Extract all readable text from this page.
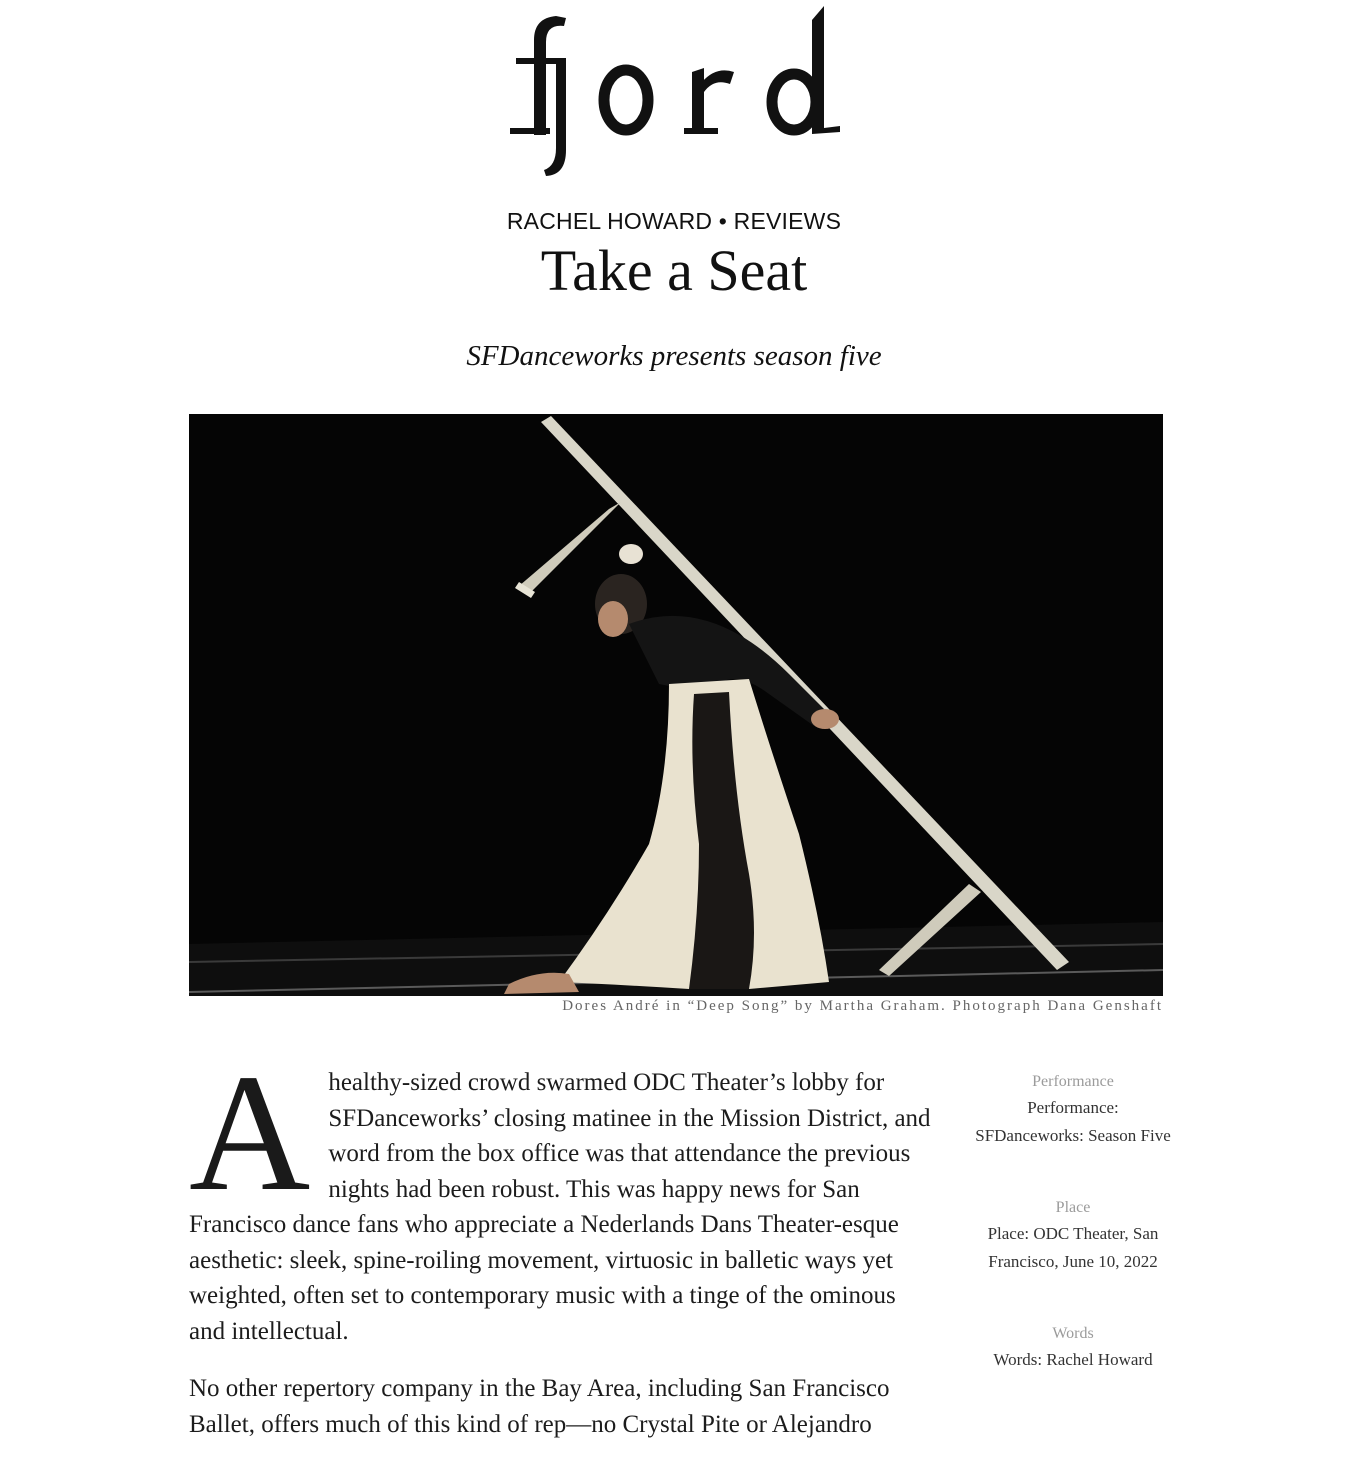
RACHEL HOWARD • REVIEWS
Take a Seat
SFDanceworks presents season five
Dores André in “Deep Song” by Martha Graham. Photograph Dana Genshaft

A healthy-sized crowd swarmed ODC Theater’s lobby for SFDanceworks’ closing matinee in the Mission District, and word from the box office was that attendance the previous nights had been robust. This was happy news for San Francisco dance fans who appreciate a Nederlands Dans Theater-esque aesthetic: sleek, spine-roiling movement, virtuosic in balletic ways yet weighted, often set to contemporary music with a tinge of the ominous and intellectual.

No other repertory company in the Bay Area, including San Francisco Ballet, offers much of this kind of rep—no Crystal Pite or Alejandro

Performance
Performance: SFDanceworks: Season Five
Place
Place: ODC Theater, San Francisco, June 10, 2022
Words
Words: Rachel Howard
